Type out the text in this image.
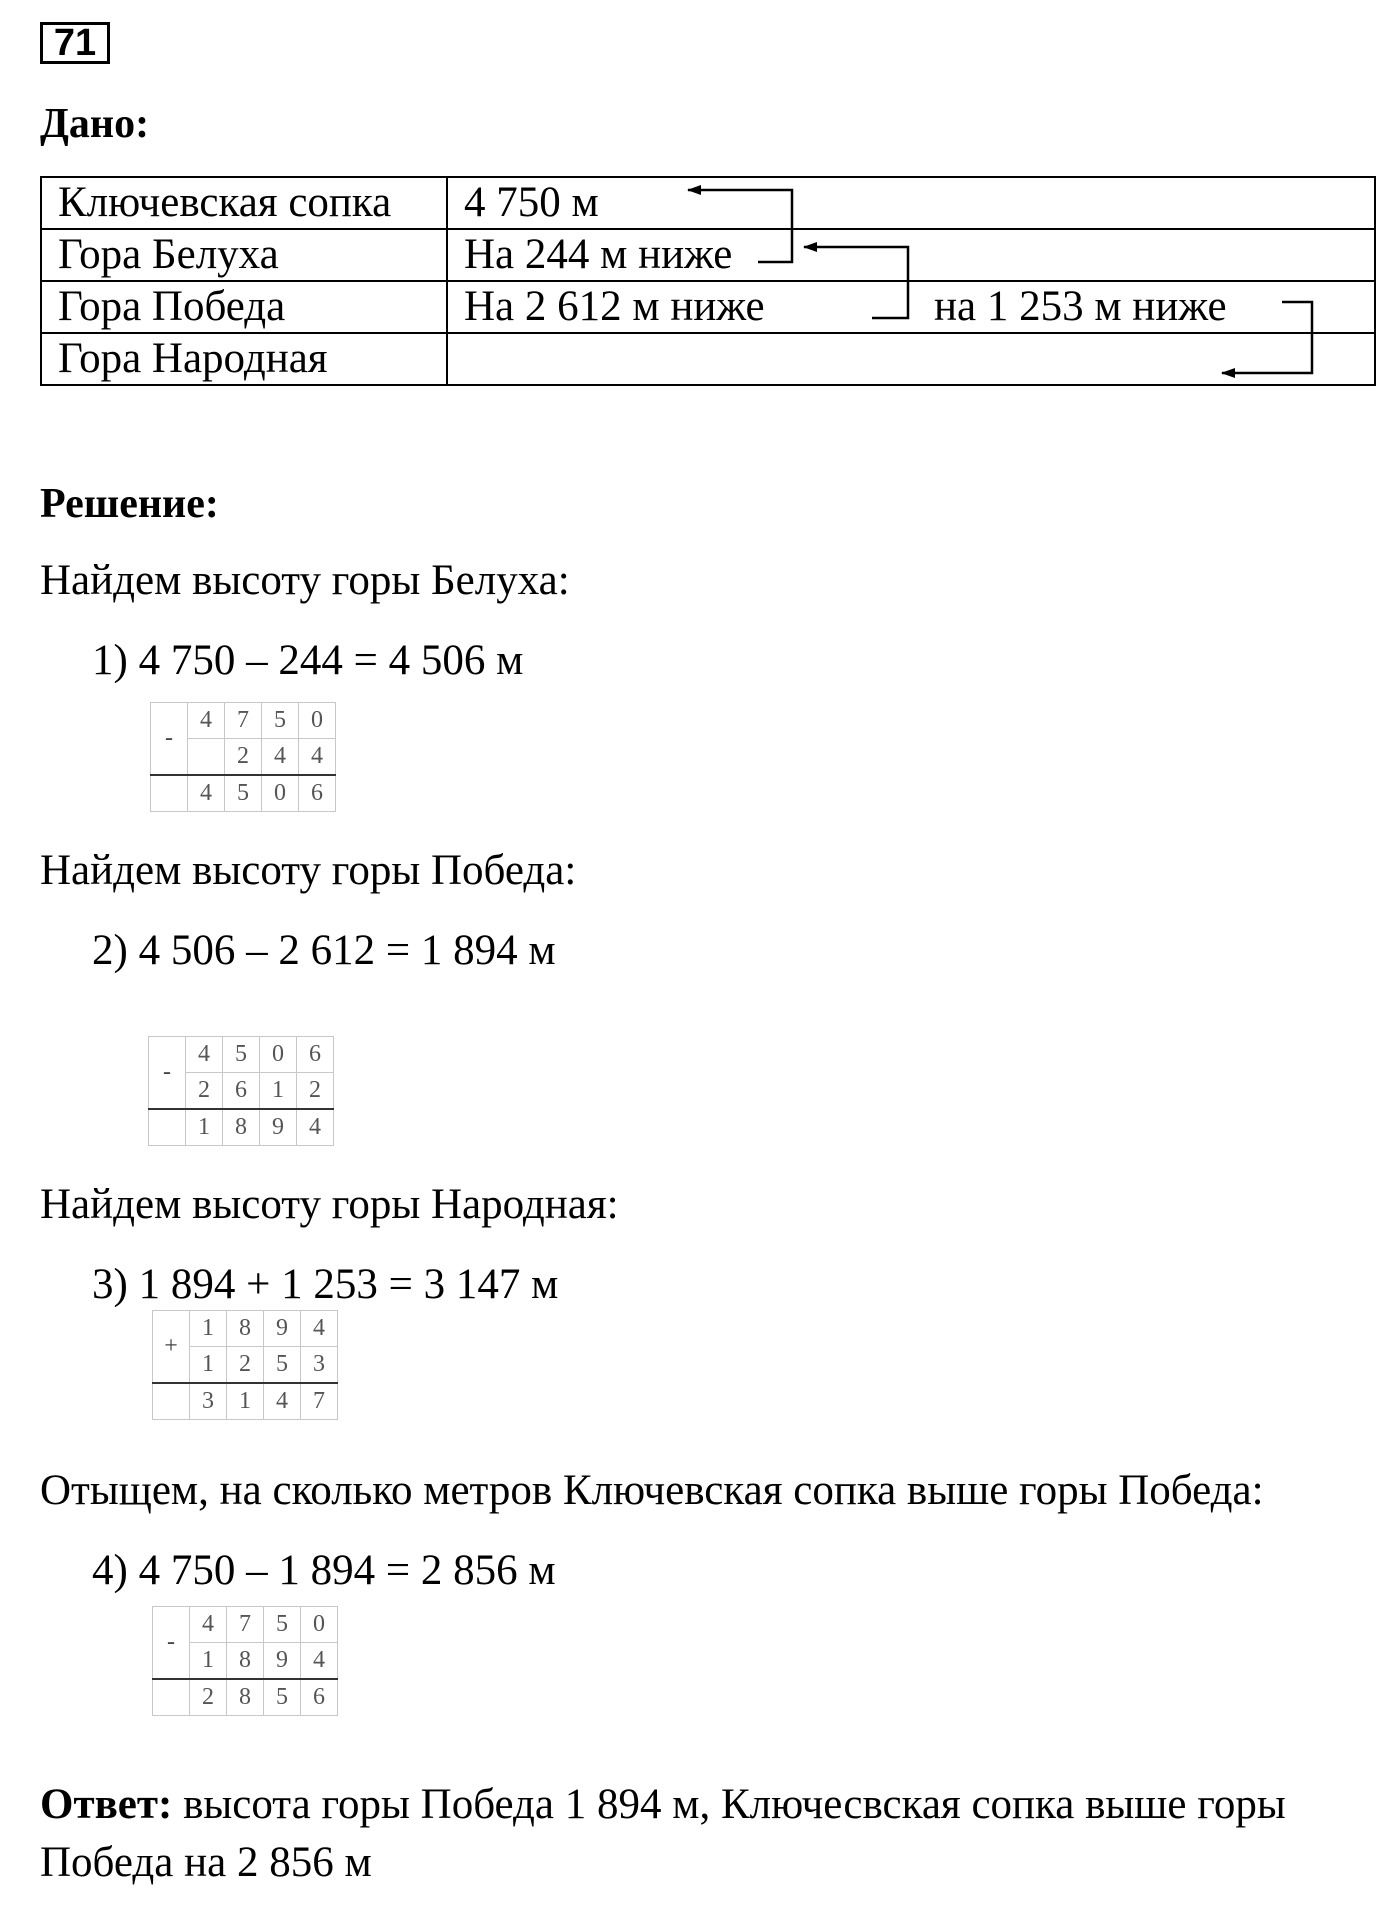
71
Дано:
Ключевская сопка	4 750 м
Гора Белуха	На 244 м ниже
Гора Победа	На 2 612 м ниже на 1 253 м ниже

Гора Народная	
Решение:
Найдем высоту горы Белуха:
1) 4 750 – 244 = 4 506 м
-	4	7	5	0
		2	4	4
	4	5	0	6
Найдем высоту горы Победа:
2) 4 506 – 2 612 = 1 894 м
-	4	5	0	6
	2	6	1	2
	1	8	9	4
Найдем высоту горы Народная:
3) 1 894 + 1 253 = 3 147 м
+	1	8	9	4
	1	2	5	3
	3	1	4	7
Отыщем, на сколько метров Ключевская сопка выше горы Победа:
4) 4 750 – 1 894 = 2 856 м
-	4	7	5	0
	1	8	9	4
	2	8	5	6
Ответ: высота горы Победа 1 894 м, Ключесвская сопка выше горы
Победа на 2 856 м
